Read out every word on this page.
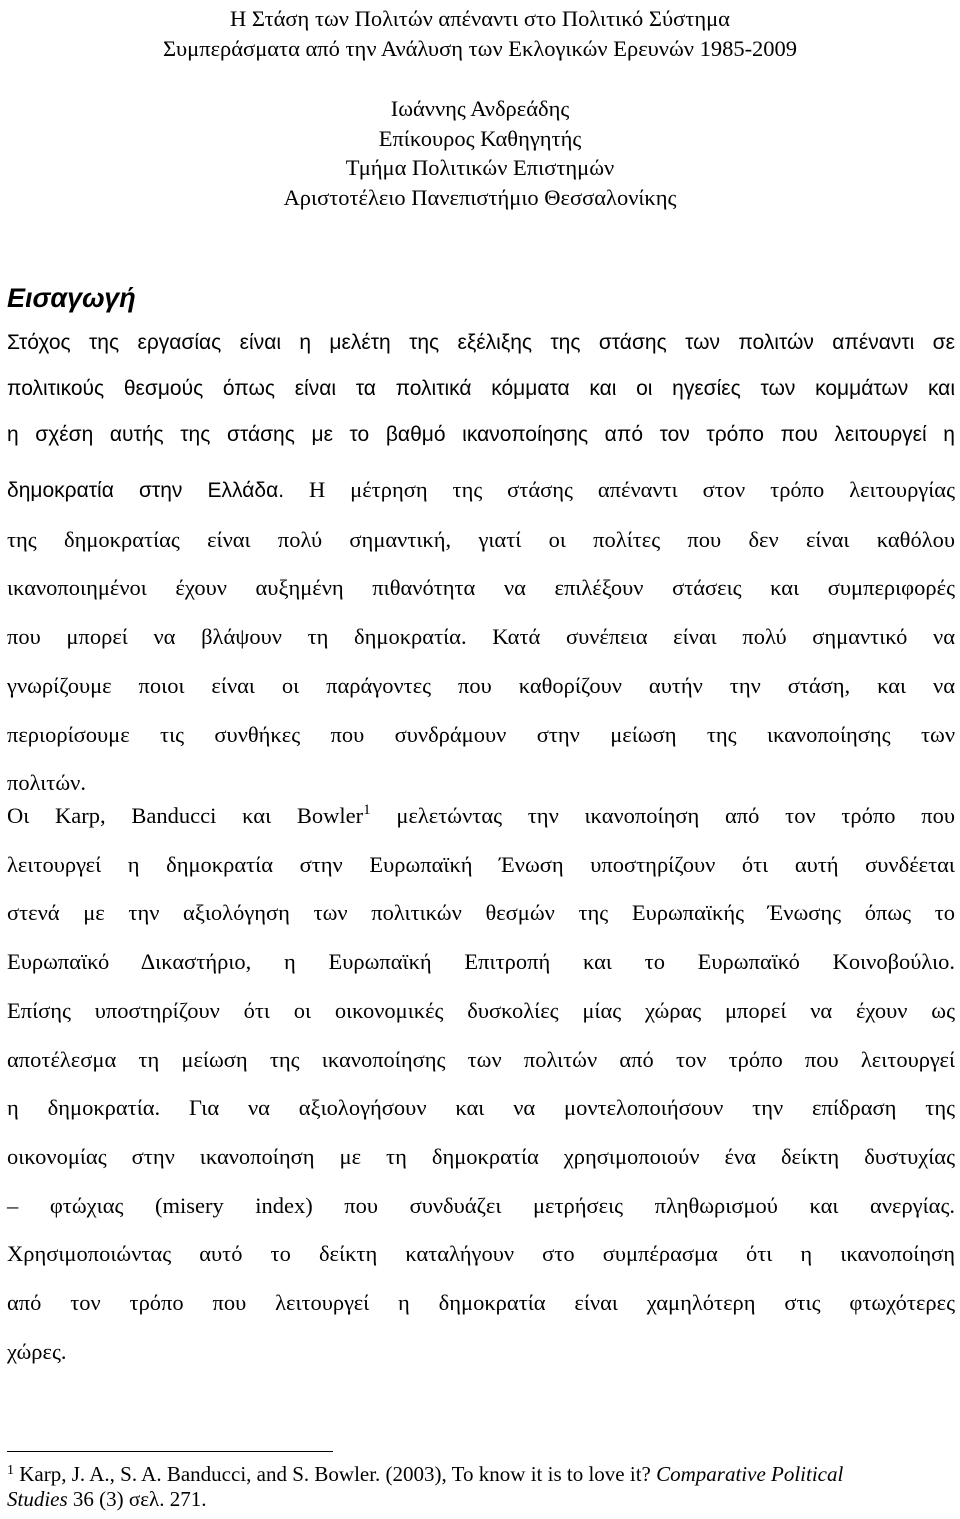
Η Στάση των Πολιτών απέναντι στο Πολιτικό Σύστημα
Συμπεράσματα από την Ανάλυση των Εκλογικών Ερευνών 1985-2009
Ιωάννης Ανδρεάδης
Επίκουρος Καθηγητής
Τμήμα Πολιτικών Επιστημών
Αριστοτέλειο Πανεπιστήμιο Θεσσαλονίκης
Εισαγωγή

Στόχος της εργασίας είναι η μελέτη της εξέλιξης της στάσης των πολιτών απέναντι σε
πολιτικούς θεσμούς όπως είναι τα πολιτικά κόμματα και οι ηγεσίες των κομμάτων και
η σχέση αυτής της στάσης με το βαθμό ικανοποίησης από τον τρόπο που λειτουργεί η

δημοκρατία στην Ελλάδα. Η μέτρηση της στάσης απέναντι στον τρόπο λειτουργίας
της δημοκρατίας είναι πολύ σημαντική, γιατί οι πολίτες που δεν είναι καθόλου
ικανοποιημένοι έχουν αυξημένη πιθανότητα να επιλέξουν στάσεις και συμπεριφορές
που μπορεί να βλάψουν τη δημοκρατία. Κατά συνέπεια είναι πολύ σημαντικό να
γνωρίζουμε ποιοι είναι οι παράγοντες που καθορίζουν αυτήν την στάση, και να
περιορίσουμε τις συνθήκες που συνδράμουν στην μείωση της ικανοποίησης των
πολιτών.

Οι Karp, Banducci και Bowler$^1$ μελετώντας την ικανοποίηση από τον τρόπο που
λειτουργεί η δημοκρατία στην Ευρωπαϊκή Ένωση υποστηρίζουν ότι αυτή συνδέεται
στενά με την αξιολόγηση των πολιτικών θεσμών της Ευρωπαϊκής Ένωσης όπως το
Ευρωπαϊκό Δικαστήριο, η Ευρωπαϊκή Επιτροπή και το Ευρωπαϊκό Κοινοβούλιο.
Επίσης υποστηρίζουν ότι οι οικονομικές δυσκολίες μίας χώρας μπορεί να έχουν ως
αποτέλεσμα τη μείωση της ικανοποίησης των πολιτών από τον τρόπο που λειτουργεί
η δημοκρατία. Για να αξιολογήσουν και να μοντελοποιήσουν την επίδραση της
οικονομίας στην ικανοποίηση με τη δημοκρατία χρησιμοποιούν ένα δείκτη δυστυχίας
– φτώχιας (misery index) που συνδυάζει μετρήσεις πληθωρισμού και ανεργίας.
Χρησιμοποιώντας αυτό το δείκτη καταλήγουν στο συμπέρασμα ότι η ικανοποίηση
από τον τρόπο που λειτουργεί η δημοκρατία είναι χαμηλότερη στις φτωχότερες
χώρες.

$^1$ Karp, J. A., S. A. Banducci, and S. Bowler. (2003), To know it is to love it? Comparative Political
Studies 36 (3) σελ. 271.
